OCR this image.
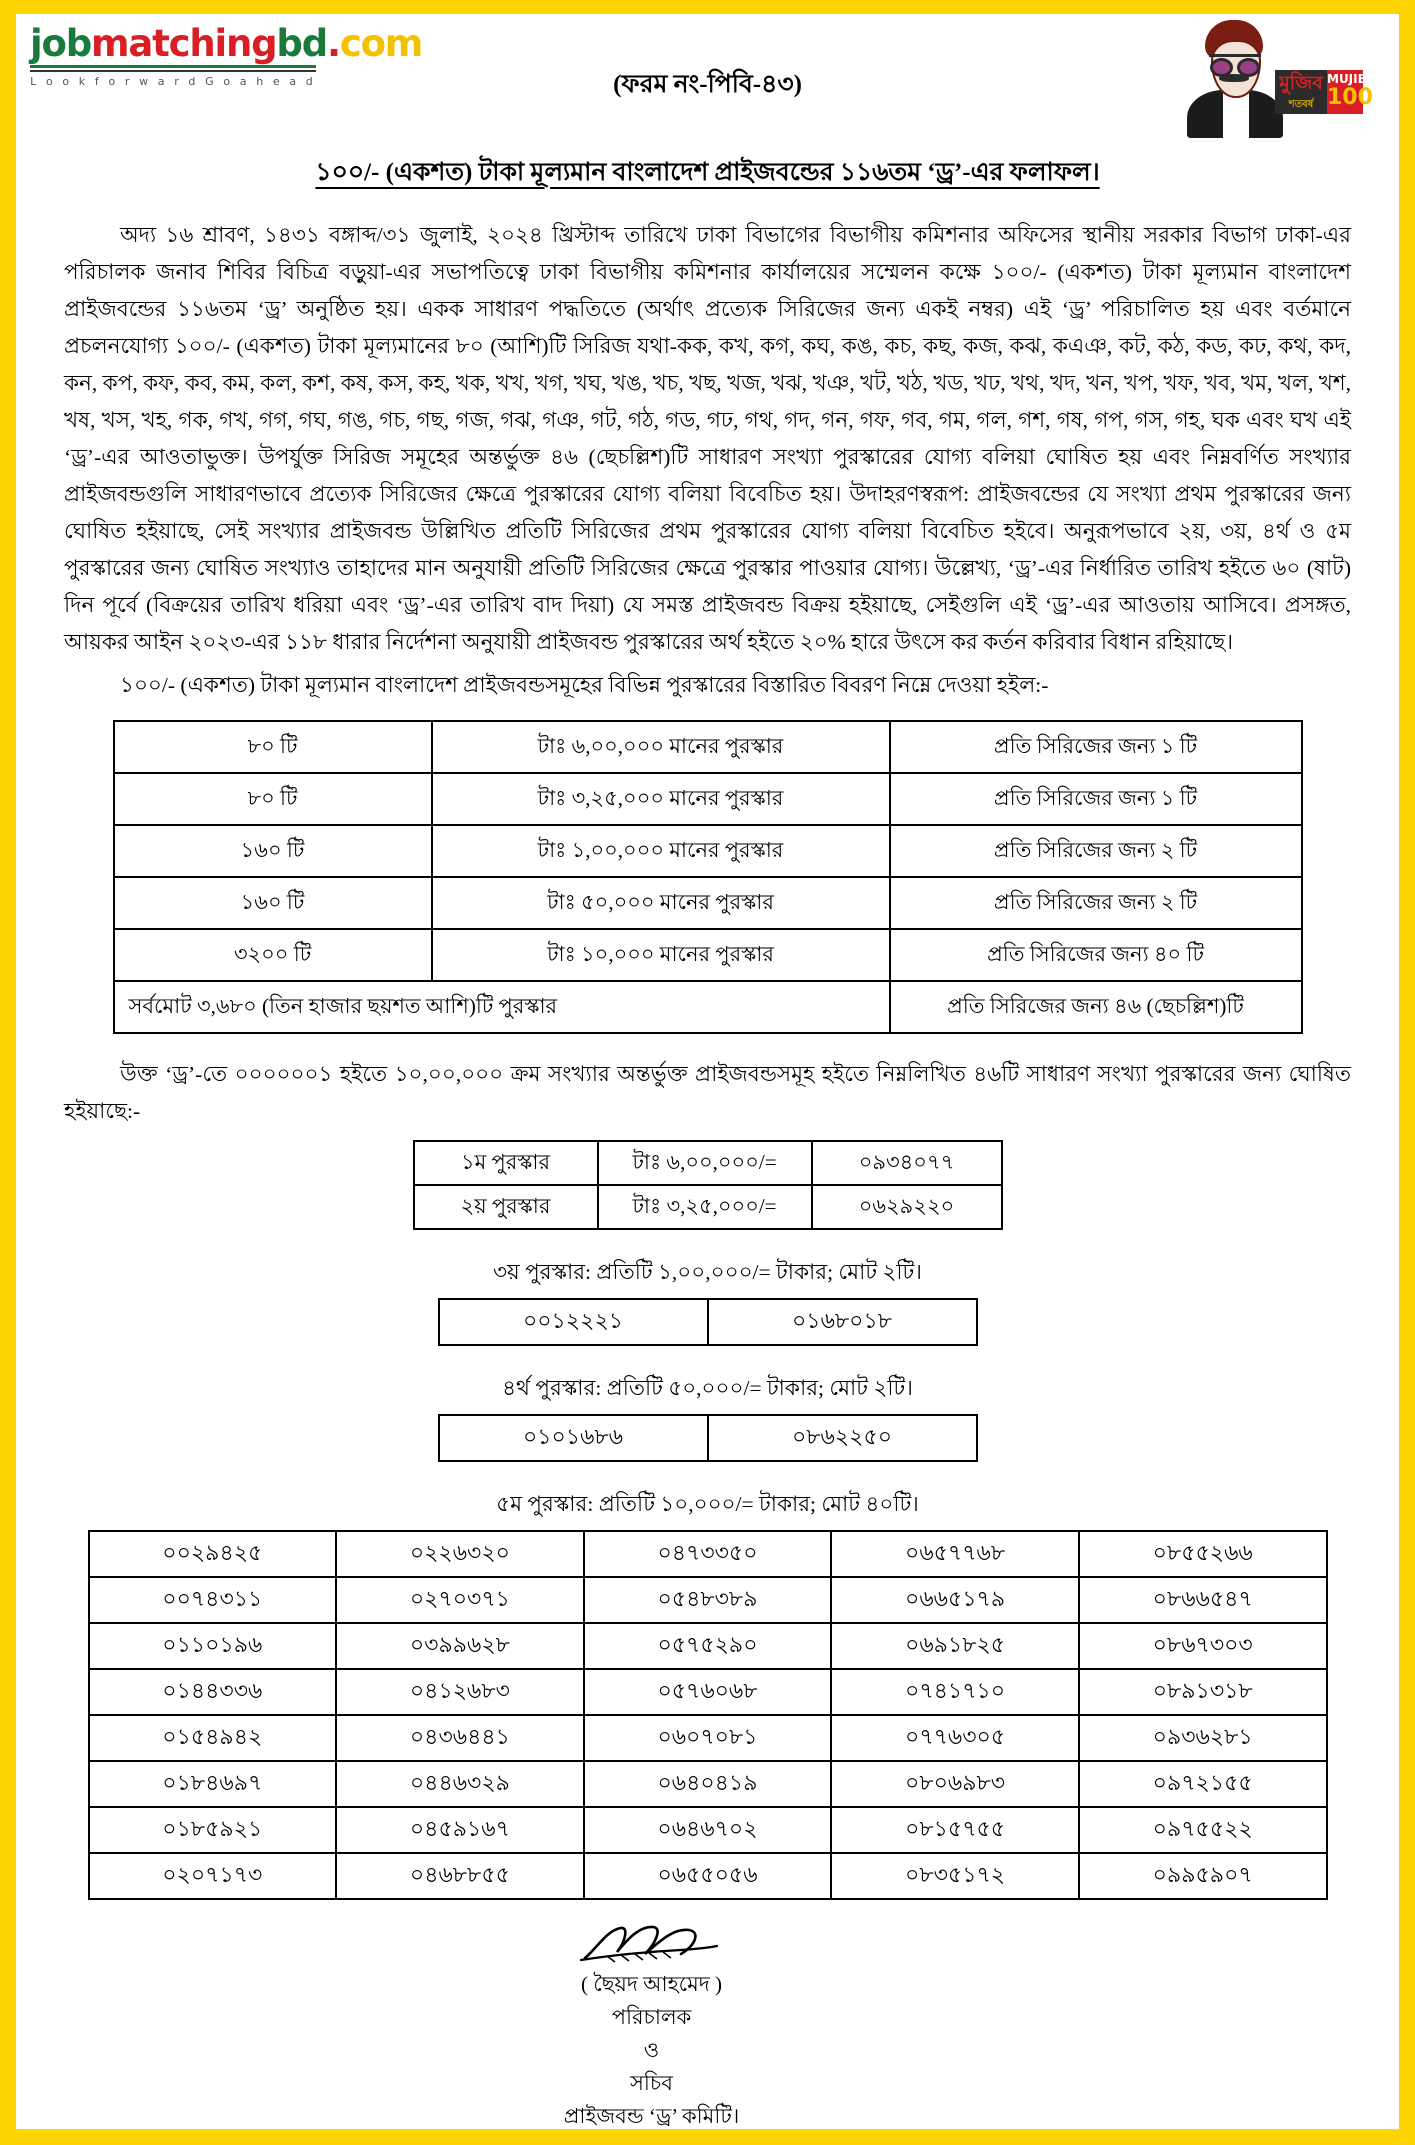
jobmatchingbd.com
L o o k f o r w a r d G o a h e a d	(ফরম নং-পিবি-৪৩)	মুজিব
শতবর্ষ
MUJIB
100
১০০/- (একশত) টাকা মূল্যমান বাংলাদেশ প্রাইজবন্ডের ১১৬তম ‘ড্র’-এর ফলাফল।

অদ্য ১৬ শ্রাবণ, ১৪৩১ বঙ্গাব্দ/৩১ জুলাই, ২০২৪ খ্রিস্টাব্দ তারিখে ঢাকা বিভাগের বিভাগীয় কমিশনার অফিসের স্থানীয় সরকার বিভাগ ঢাকা-এর পরিচালক জনাব শিবির বিচিত্র বড়ুয়া-এর সভাপতিত্বে ঢাকা বিভাগীয় কমিশনার কার্যালয়ের সম্মেলন কক্ষে ১০০/- (একশত) টাকা মূল্যমান বাংলাদেশ প্রাইজবন্ডের ১১৬তম ‘ড্র’ অনুষ্ঠিত হয়। একক সাধারণ পদ্ধতিতে (অর্থাৎ প্রত্যেক সিরিজের জন্য একই নম্বর) এই ‘ড্র’ পরিচালিত হয় এবং বর্তমানে প্রচলনযোগ্য ১০০/- (একশত) টাকা মূল্যমানের ৮০ (আশি)টি সিরিজ যথা-কক, কখ, কগ, কঘ, কঙ, কচ, কছ, কজ, কঝ, কএঞ, কট, কঠ, কড, কঢ, কথ, কদ, কন, কপ, কফ, কব, কম, কল, কশ, কষ, কস, কহ, খক, খখ, খগ, খঘ, খঙ, খচ, খছ, খজ, খঝ, খঞ, খট, খঠ, খড, খঢ, খথ, খদ, খন, খপ, খফ, খব, খম, খল, খশ, খষ, খস, খহ, গক, গখ, গগ, গঘ, গঙ, গচ, গছ, গজ, গঝ, গঞ, গট, গঠ, গড, গঢ, গথ, গদ, গন, গফ, গব, গম, গল, গশ, গষ, গপ, গস, গহ, ঘক এবং ঘখ এই ‘ড্র’-এর আওতাভুক্ত। উপর্যুক্ত সিরিজ সমূহের অন্তর্ভুক্ত ৪৬ (ছেচল্লিশ)টি সাধারণ সংখ্যা পুরস্কারের যোগ্য বলিয়া ঘোষিত হয় এবং নিম্নবর্ণিত সংখ্যার প্রাইজবন্ডগুলি সাধারণভাবে প্রত্যেক সিরিজের ক্ষেত্রে পুরস্কারের যোগ্য বলিয়া বিবেচিত হয়। উদাহরণস্বরূপ: প্রাইজবন্ডের যে সংখ্যা প্রথম পুরস্কারের জন্য ঘোষিত হইয়াছে, সেই সংখ্যার প্রাইজবন্ড উল্লিখিত প্রতিটি সিরিজের প্রথম পুরস্কারের যোগ্য বলিয়া বিবেচিত হইবে। অনুরূপভাবে ২য়, ৩য়, ৪র্থ ও ৫ম পুরস্কারের জন্য ঘোষিত সংখ্যাও তাহাদের মান অনুযায়ী প্রতিটি সিরিজের ক্ষেত্রে পুরস্কার পাওয়ার যোগ্য। উল্লেখ্য, ‘ড্র’-এর নির্ধারিত তারিখ হইতে ৬০ (ষাট) দিন পূর্বে (বিক্রয়ের তারিখ ধরিয়া এবং ‘ড্র’-এর তারিখ বাদ দিয়া) যে সমস্ত প্রাইজবন্ড বিক্রয় হইয়াছে, সেইগুলি এই ‘ড্র’-এর আওতায় আসিবে। প্রসঙ্গত, আয়কর আইন ২০২৩-এর ১১৮ ধারার নির্দেশনা অনুযায়ী প্রাইজবন্ড পুরস্কারের অর্থ হইতে ২০% হারে উৎসে কর কর্তন করিবার বিধান রহিয়াছে।

১০০/- (একশত) টাকা মূল্যমান বাংলাদেশ প্রাইজবন্ডসমূহের বিভিন্ন পুরস্কারের বিস্তারিত বিবরণ নিম্নে দেওয়া হইল:-

৮০ টি	টাঃ ৬,০০,০০০ মানের পুরস্কার	প্রতি সিরিজের জন্য ১ টি
৮০ টি	টাঃ ৩,২৫,০০০ মানের পুরস্কার	প্রতি সিরিজের জন্য ১ টি
১৬০ টি	টাঃ ১,০০,০০০ মানের পুরস্কার	প্রতি সিরিজের জন্য ২ টি
১৬০ টি	টাঃ ৫০,০০০ মানের পুরস্কার	প্রতি সিরিজের জন্য ২ টি
৩২০০ টি	টাঃ ১০,০০০ মানের পুরস্কার	প্রতি সিরিজের জন্য ৪০ টি
সর্বমোট ৩,৬৮০ (তিন হাজার ছয়শত আশি)টি পুরস্কার		প্রতি সিরিজের জন্য ৪৬ (ছেচল্লিশ)টি

উক্ত ‘ড্র’-তে ০০০০০০১ হইতে ১০,০০,০০০ ক্রম সংখ্যার অন্তর্ভুক্ত প্রাইজবন্ডসমূহ হইতে নিম্নলিখিত ৪৬টি সাধারণ সংখ্যা পুরস্কারের জন্য ঘোষিত হইয়াছে:-

১ম পুরস্কার	টাঃ ৬,০০,০০০/=	০৯৩৪০৭৭
২য় পুরস্কার	টাঃ ৩,২৫,০০০/=	০৬২৯২২০
৩য় পুরস্কার: প্রতিটি ১,০০,০০০/= টাকার; মোট ২টি।
০০১২২২১	০১৬৮০১৮
৪র্থ পুরস্কার: প্রতিটি ৫০,০০০/= টাকার; মোট ২টি।
০১০১৬৮৬	০৮৬২২৫০
৫ম পুরস্কার: প্রতিটি ১০,০০০/= টাকার; মোট ৪০টি।
০০২৯৪২৫	০২২৬৩২০	০৪৭৩৩৫০	০৬৫৭৭৬৮	০৮৫৫২৬৬
০০৭৪৩১১	০২৭০৩৭১	০৫৪৮৩৮৯	০৬৬৫১৭৯	০৮৬৬৫৪৭
০১১০১৯৬	০৩৯৯৬২৮	০৫৭৫২৯০	০৬৯১৮২৫	০৮৬৭৩০৩
০১৪৪৩৩৬	০৪১২৬৮৩	০৫৭৬০৬৮	০৭৪১৭১০	০৮৯১৩১৮
০১৫৪৯৪২	০৪৩৬৪৪১	০৬০৭০৮১	০৭৭৬৩০৫	০৯৩৬২৮১
০১৮৪৬৯৭	০৪৪৬৩২৯	০৬৪০৪১৯	০৮০৬৯৮৩	০৯৭২১৫৫
০১৮৫৯২১	০৪৫৯১৬৭	০৬৪৬৭০২	০৮১৫৭৫৫	০৯৭৫৫২২
০২০৭১৭৩	০৪৬৮৮৫৫	০৬৫৫০৫৬	০৮৩৫১৭২	০৯৯৫৯০৭
( ছৈয়দ আহমেদ )
পরিচালক
ও
সচিব
প্রাইজবন্ড ‘ড্র’ কমিটি।
